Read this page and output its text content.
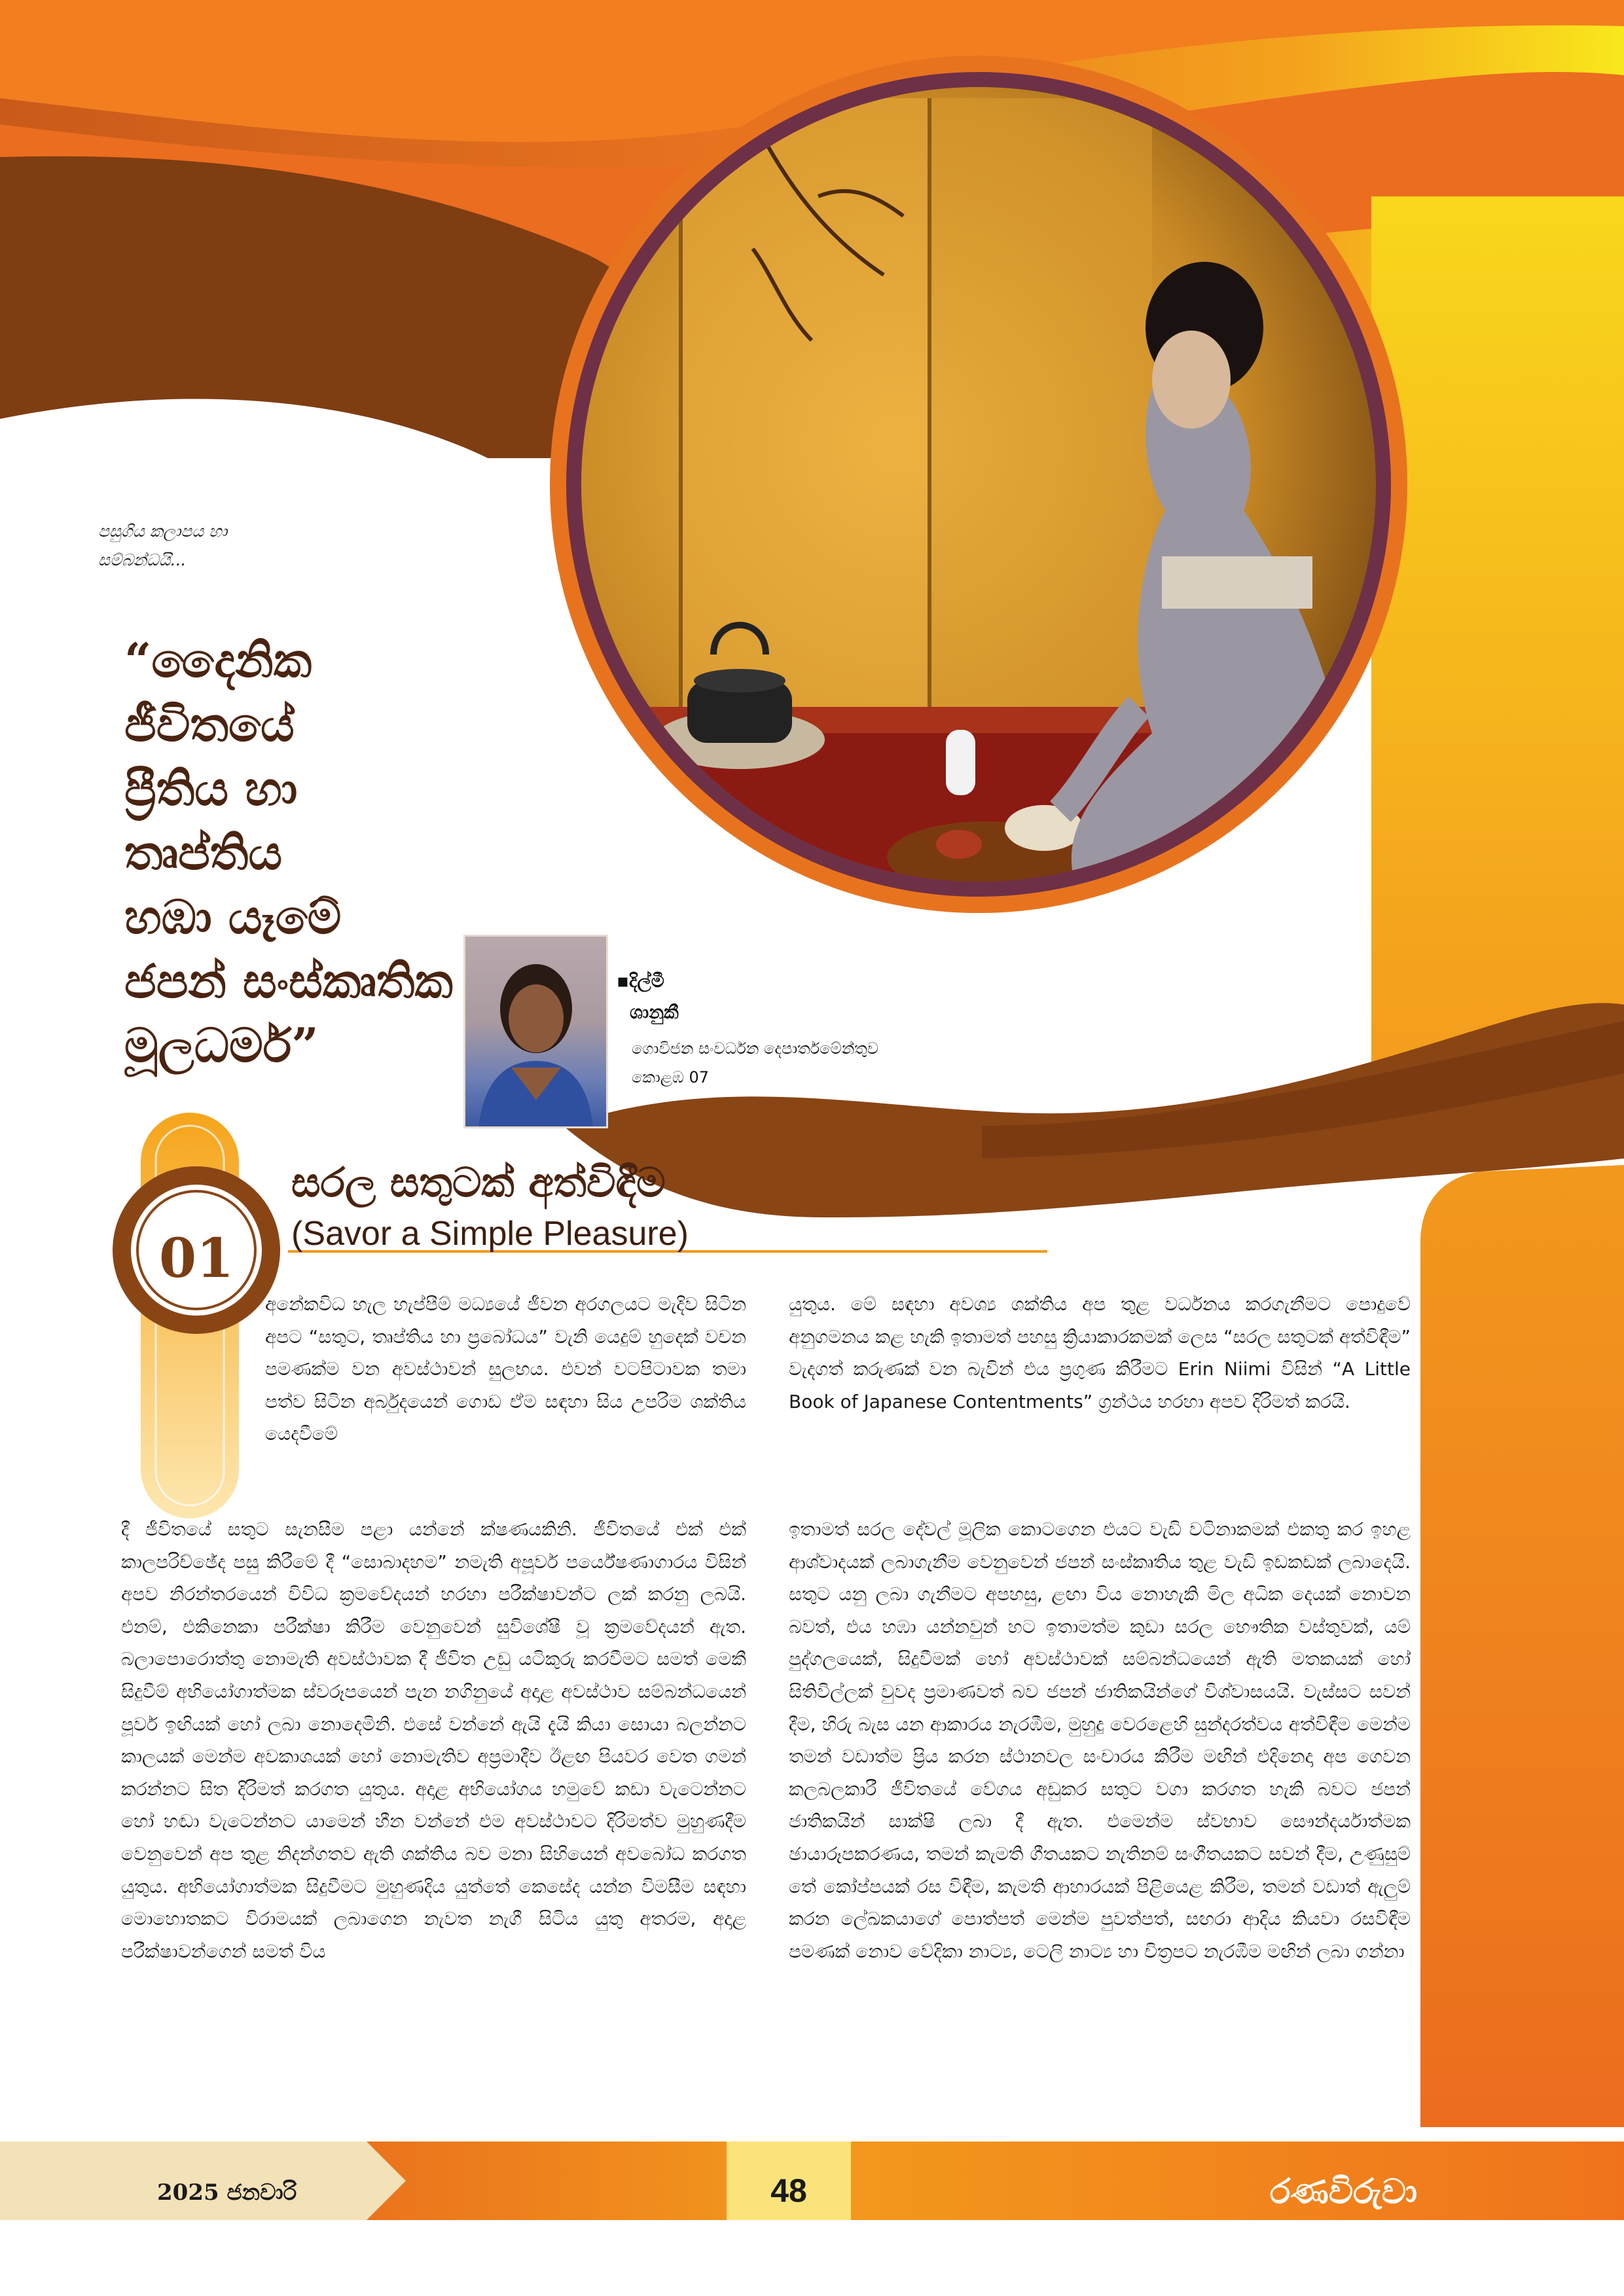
පසුගිය කලාපය හා
සම්බන්ධයි...
“දෛනික ජීවිතයේ
ප්‍රීතිය හා තෘප්තිය
හඹා යෑමේ
ජපන් සංස්කෘතික
මූලධර්ම”
▪දිල්මී
ශානුකී
ගොවිජන සංවර්ධන දෙපාර්තමේන්තුව
කොළඹ 07
01
සරල සතුටක් අත්විඳීම
(Savor a Simple Pleasure)

අනේකවිධ හැල හැප්පීම් මධ්‍යයේ ජීවන අරගලයට මැදිව සිටින අපට “සතුට, තෘප්තිය හා ප්‍රබෝධය” වැනි යෙදුම් හුදෙක් වචන පමණක්ම වන අවස්ථාවන් සුලභය. එවන් වටපිටාවක තමා පත්ව සිටින අර්බුදයෙන් ගොඩ ඒම සඳහා සිය උපරිම ශක්තිය යෙදවීමේ

දී ජීවිතයේ සතුට සැනසීම පළා යන්නේ ක්ෂණයකිනි. ජීවිතයේ එක් එක් කාලපරිච්ඡේද පසු කිරීමේ දී “සොබාදහම” නමැති අපූර්ව පර්යේෂණාගාරය විසින් අපව නිරන්තරයෙන් විවිධ ක්‍රමවේදයන් හරහා පරීක්ෂාවන්ට ලක් කරනු ලබයි. එනම්, එකිනෙකා පරීක්ෂා කිරීම වෙනුවෙන් සුවිශේෂී වූ ක්‍රමවේදයන් ඇත. බලාපොරොත්තු නොමැති අවස්ථාවක දී ජීවිත උඩු යටිකුරු කරවීමට සමත් මෙකී සිදුවීම් අභියෝගාත්මක ස්වරූපයෙන් පැන නගිනුයේ අදාළ අවස්ථාව සම්බන්ධයෙන් පූර්ව ඉඟියක් හෝ ලබා නොදෙමිනි. එසේ වන්නේ ඇයි දැයි කියා සොයා බලන්නට කාලයක් මෙන්ම අවකාශයක් හෝ නොමැතිව අප්‍රමාදීව ඊළඟ පියවර වෙත ගමන් කරන්නට සිත දිරිමත් කරගත යුතුය. අදාළ අභියෝගය හමුවේ කඩා වැටෙන්නට හෝ හඬා වැටෙන්නට යාමෙන් හීන වන්නේ එම අවස්ථාවට දිරිමත්ව මුහුණදීම වෙනුවෙන් අප තුළ නිදන්ගතව ඇති ශක්තිය බව මනා සිහියෙන් අවබෝධ කරගත යුතුය. අභියෝගාත්මක සිදුවීමට මුහුණදිය යුත්තේ කෙසේද යන්න විමසීම සඳහා මොහොතකට විරාමයක් ලබාගෙන නැවත නැගී සිටිය යුතු අතරම, අදාළ පරීක්ෂාවන්ගෙන් සමත් විය

යුතුය. මේ සඳහා අවශ්‍ය ශක්තිය අප තුළ වර්ධනය කරගැනීමට පොදුවේ අනුගමනය කළ හැකි ඉතාමත් පහසු ක්‍රියාකාරකමක් ලෙස “සරල සතුටක් අත්විඳීම” වැදගත් කරුණක් වන බැවින් එය ප්‍රගුණ කිරීමට Erin Niimi විසින් “A Little Book of Japanese Contentments” ග්‍රන්ථය හරහා අපව දිරිමත් කරයි.

ඉතාමත් සරල දේවල් මූලික කොටගෙන එයට වැඩි වටිනාකමක් එකතු කර ඉහළ ආශ්වාදයක් ලබාගැනීම වෙනුවෙන් ජපන් සංස්කෘතිය තුළ වැඩි ඉඩකඩක් ලබාදෙයි. සතුට යනු ලබා ගැනීමට අපහසු, ළඟා විය නොහැකි මිල අධික දෙයක් නොවන බවත්, එය හඹා යන්නවුන් හට ඉතාමත්ම කුඩා සරල භෞතික වස්තුවක්, යම් පුද්ගලයෙක්, සිදුවීමක් හෝ අවස්ථාවක් සම්බන්ධයෙන් ඇති මතකයක් හෝ සිතිවිල්ලක් වුවද ප්‍රමාණවත් බව ජපන් ජාතිකයින්ගේ විශ්වාසයයි. වැස්සට සවන් දීම, හිරු බැස යන ආකාරය නැරඹීම, මුහුදු වෙරළෙහි සුන්දරත්වය අත්විඳීම මෙන්ම තමන් වඩාත්ම ප්‍රිය කරන ස්ථානවල සංචාරය කිරීම මඟින් එදිනෙදා අප ගෙවන කලබලකාරී ජීවිතයේ වේගය අඩුකර සතුට වගා කරගත හැකි බවට ජපන් ජාතිකයින් සාක්ෂි ලබා දී ඇත. එමෙන්ම ස්වභාව සෞන්දර්යාත්මක ඡායාරූපකරණය, තමන් කැමති ගීතයකට නැතිනම් සංගීතයකට සවන් දීම, උණුසුම් තේ කෝප්පයක් රස විඳීම, කැමති ආහාරයක් පිළියෙළ කිරීම, තමන් වඩාත් ඇලුම් කරන ලේඛකයාගේ පොත්පත් මෙන්ම පුවත්පත්, සඟරා ආදිය කියවා රසවිඳීම පමණක් නොව වේදිකා නාට්‍ය, ටෙලි නාට්‍ය හා චිත්‍රපට නැරඹීම මඟින් ලබා ගන්නා

2025 ජනවාරි	48	රණවිරුවා
